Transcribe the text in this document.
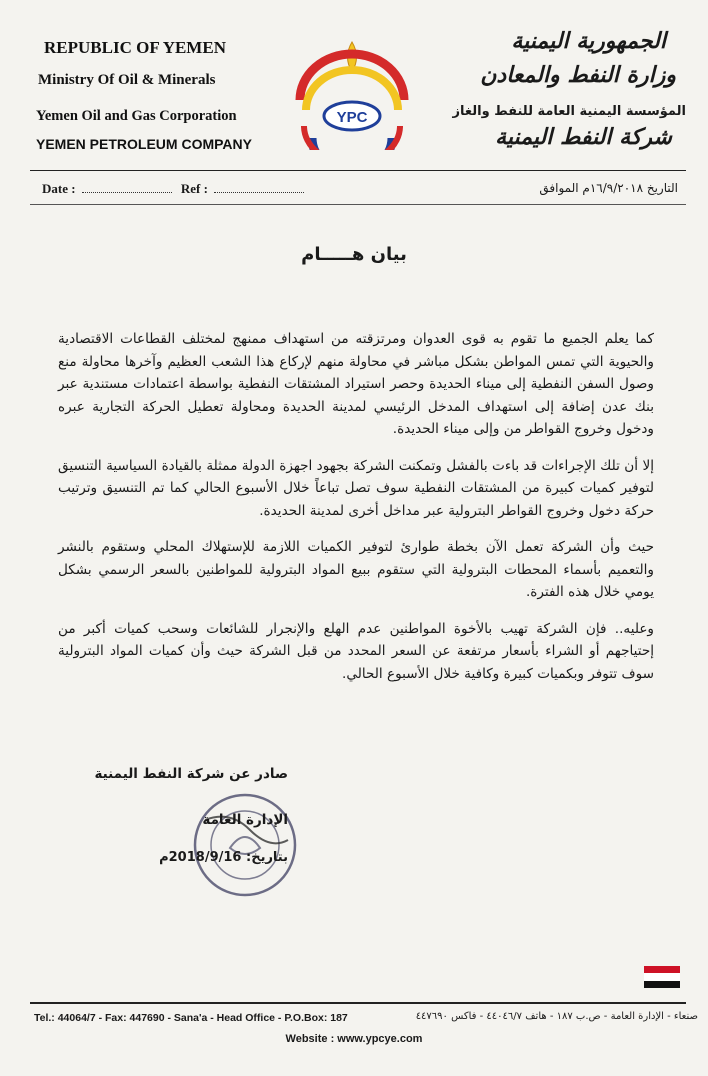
REPUBLIC OF YEMEN
Ministry Of Oil & Minerals
Yemen Oil and Gas Corporation
YEMEN PETROLEUM COMPANY
YPC
الجمهورية اليمنية
وزارة النفط والمعادن
المؤسسة اليمنية العامة للنفط والغاز
شركة النفط اليمنية
Date :	Ref :	التاريخ ١٦/٩/٢٠١٨م الموافق
بيان هـــــام

كما يعلم الجميع ما تقوم به قوى العدوان ومرتزقته من استهداف ممنهج لمختلف القطاعات الاقتصادية والحيوية التي تمس المواطن بشكل مباشر في محاولة منهم لإركاع هذا الشعب العظيم وآخرها محاولة منع وصول السفن النفطية إلى ميناء الحديدة وحصر استيراد المشتقات النفطية بواسطة اعتمادات مستندية عبر بنك عدن إضافة إلى استهداف المدخل الرئيسي لمدينة الحديدة ومحاولة تعطيل الحركة التجارية عبره ودخول وخروج القواطر من وإلى ميناء الحديدة.

إلا أن تلك الإجراءات قد باءت بالفشل وتمكنت الشركة بجهود اجهزة الدولة ممثلة بالقيادة السياسية التنسيق لتوفير كميات كبيرة من المشتقات النفطية سوف تصل تباعاً خلال الأسبوع الحالي كما تم التنسيق وترتيب حركة دخول وخروج القواطر البترولية عبر مداخل أخرى لمدينة الحديدة.

حيث وأن الشركة تعمل الآن بخطة طوارئ لتوفير الكميات اللازمة للإستهلاك المحلي وستقوم بالنشر والتعميم بأسماء المحطات البترولية التي ستقوم ببيع المواد البترولية للمواطنين بالسعر الرسمي بشكل يومي خلال هذه الفترة.

وعليه.. فإن الشركة تهيب بالأخوة المواطنين عدم الهلع والإنجرار للشائعات وسحب كميات أكبر من إحتياجهم أو الشراء بأسعار مرتفعة عن السعر المحدد من قبل الشركة حيث وأن كميات المواد البترولية سوف تتوفر وبكميات كبيرة وكافية خلال الأسبوع الحالي.

صادر عن شركة النفط اليمنية
الإدارة العامة
بتاريخ: 2018/9/16م
Tel.: 44064/7 - Fax: 447690 - Sana'a - Head Office - P.O.Box: 187	صنعاء - الإدارة العامة - ص.ب ١٨٧ - هاتف ٤٤٠٤٦/٧ - فاكس ٤٤٧٦٩٠
Website : www.ypcye.com
